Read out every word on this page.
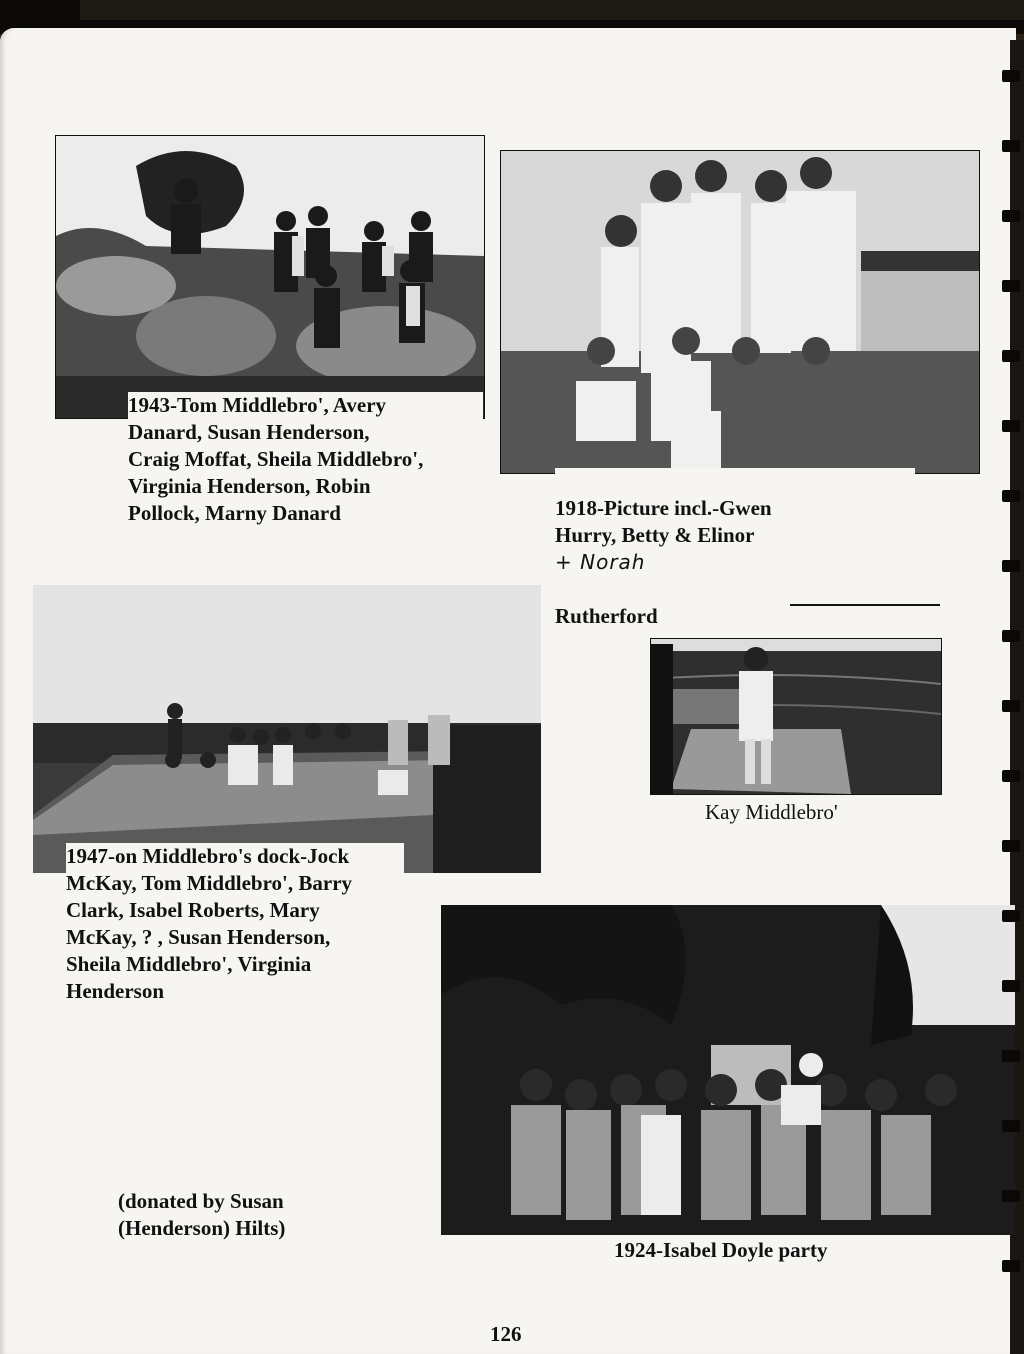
1943-Tom Middlebro', Avery
Danard, Susan Henderson,
Craig Moffat, Sheila Middlebro',
Virginia Henderson, Robin
Pollock, Marny Danard	1918-Picture incl.-Gwen
Hurry, Betty & Elinor
+ Norah

Rutherford

1947-on Middlebro's dock-Jock
McKay, Tom Middlebro', Barry
Clark, Isabel Roberts, Mary
McKay, ? , Susan Henderson,
Sheila Middlebro', Virginia
Henderson
Kay Middlebro'
1924-Isabel Doyle party
(donated by Susan
(Henderson) Hilts)
126
